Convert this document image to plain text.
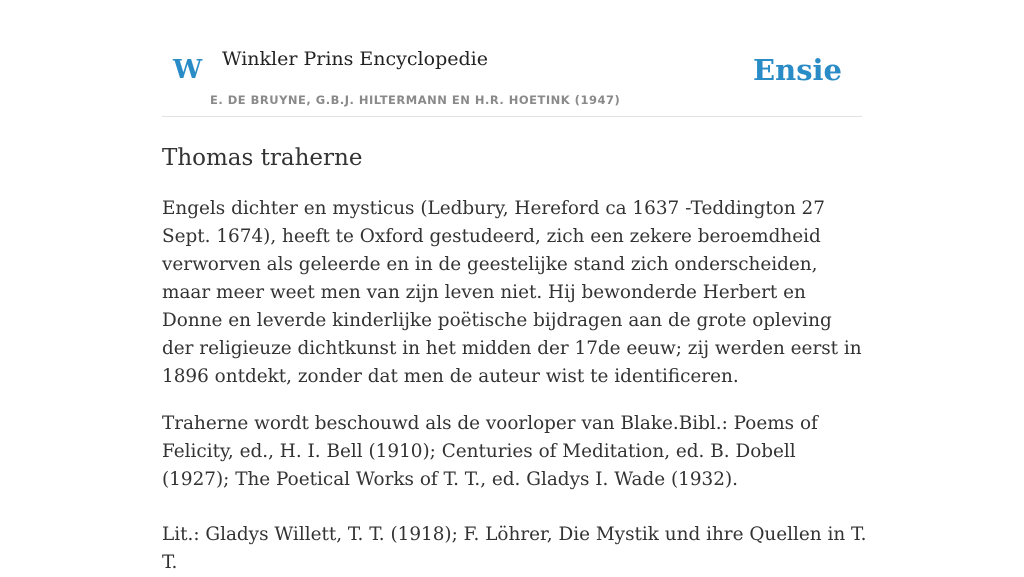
W Winkler Prins Encyclopedie
E. DE BRUYNE, G.B.J. HILTERMANN EN H.R. HOETINK (1947)
Ensie
Thomas traherne

Engels dichter en mysticus (Ledbury, Hereford ca 1637 -Teddington 27 Sept. 1674), heeft te Oxford gestudeerd, zich een zekere beroemdheid verworven als geleerde en in de geestelijke stand zich onderscheiden, maar meer weet men van zijn leven niet. Hij bewonderde Herbert en Donne en leverde kinderlijke poëtische bijdragen aan de grote opleving der religieuze dichtkunst in het midden der 17de eeuw; zij werden eerst in 1896 ontdekt, zonder dat men de auteur wist te identificeren.

Traherne wordt beschouwd als de voorloper van Blake.Bibl.: Poems of Felicity, ed., H. I. Bell (1910); Centuries of Meditation, ed. B. Dobell (1927); The Poetical Works of T. T., ed. Gladys I. Wade (1932).

Lit.: Gladys Willett, T. T. (1918); F. Löhrer, Die Mystik und ihre Quellen in T. T.
